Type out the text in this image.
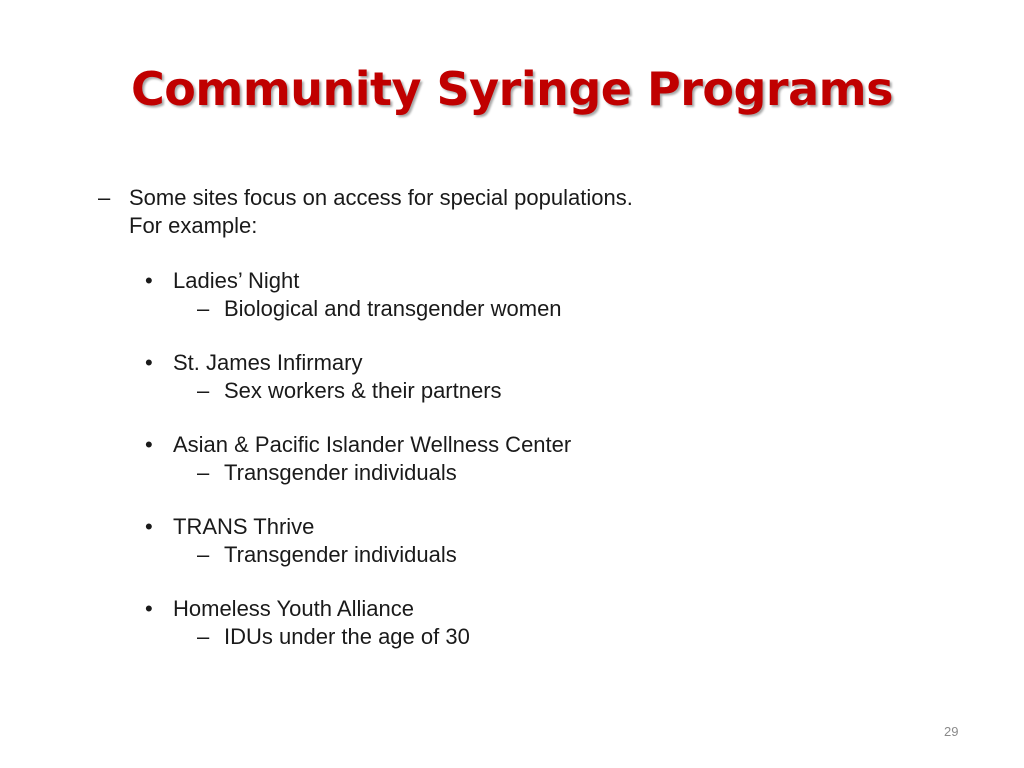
Community Syringe Programs
– Some sites focus on access for special populations.
For example:
• Ladies’ Night
– Biological and transgender women
• St. James Infirmary
– Sex workers & their partners
• Asian & Pacific Islander Wellness Center
– Transgender individuals
• TRANS Thrive
– Transgender individuals
• Homeless Youth Alliance
– IDUs under the age of 30
29
